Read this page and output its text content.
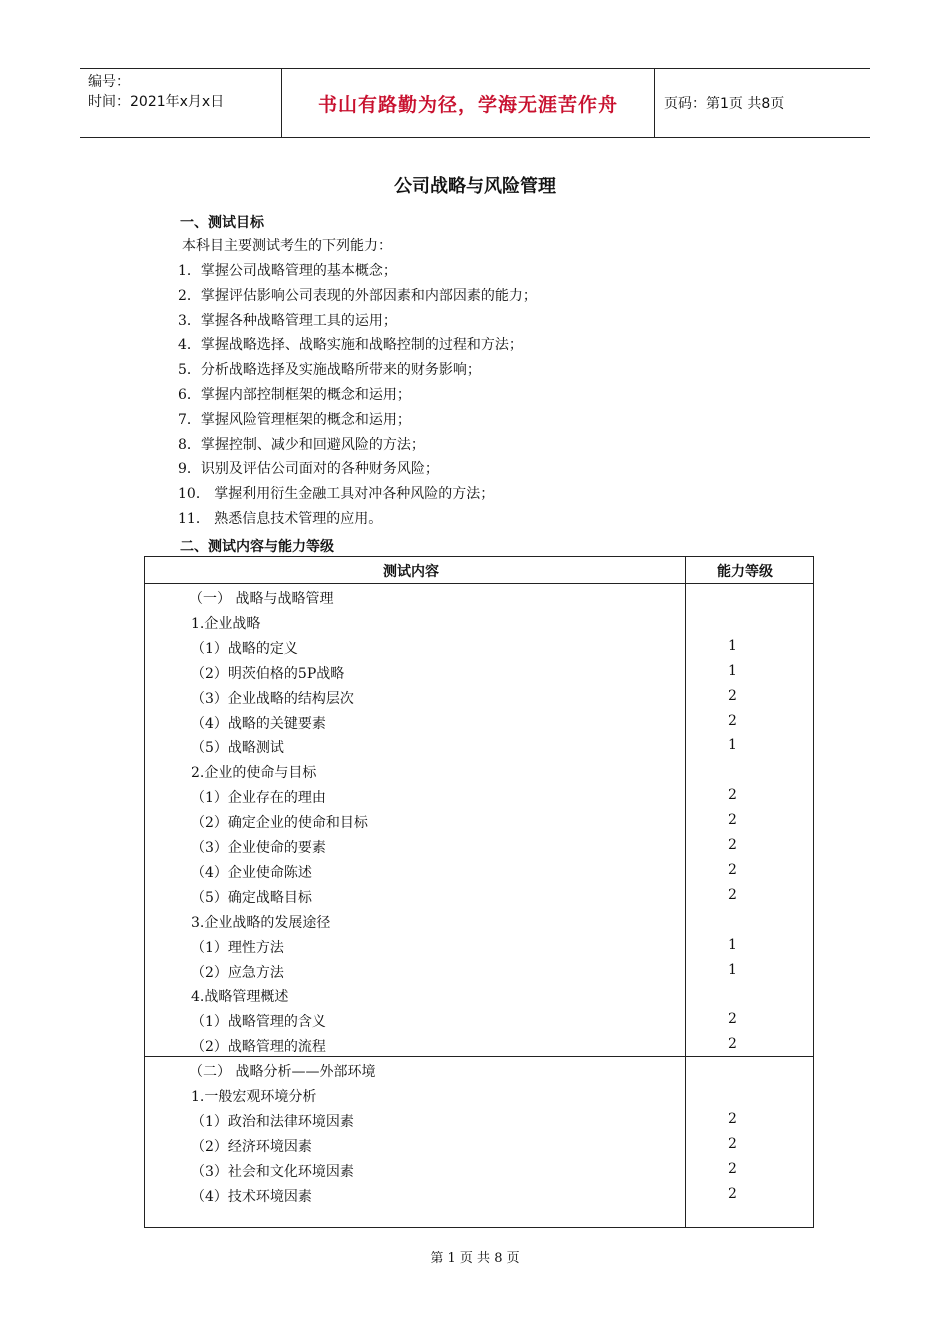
编号：
时间：2021年x月x日	书山有路勤为径，学海无涯苦作舟	页码：第1页 共8页
公司战略与风险管理
一、测试目标
本科目主要测试考生的下列能力：
1．掌握公司战略管理的基本概念；
2．掌握评估影响公司表现的外部因素和内部因素的能力；
3．掌握各种战略管理工具的运用；
4．掌握战略选择、战略实施和战略控制的过程和方法；
5．分析战略选择及实施战略所带来的财务影响；
6．掌握内部控制框架的概念和运用；
7．掌握风险管理框架的概念和运用；
8．掌握控制、减少和回避风险的方法；
9．识别及评估公司面对的各种财务风险；
10． 掌握利用衍生金融工具对冲各种风险的方法；
11． 熟悉信息技术管理的应用。
二、测试内容与能力等级
测试内容	能力等级
（一） 战略与战略管理
1.企业战略
（1）战略的定义	1
（2）明茨伯格的5P战略	1
（3）企业战略的结构层次	2
（4）战略的关键要素	2
（5）战略测试	1
2.企业的使命与目标
（1）企业存在的理由	2
（2）确定企业的使命和目标	2
（3）企业使命的要素	2
（4）企业使命陈述	2
（5）确定战略目标	2
3.企业战略的发展途径
（1）理性方法	1
（2）应急方法	1
4.战略管理概述
（1）战略管理的含义	2
（2）战略管理的流程	2
（二） 战略分析——外部环境
1.一般宏观环境分析
（1）政治和法律环境因素	2
（2）经济环境因素	2
（3）社会和文化环境因素	2
（4）技术环境因素	2
第 1 页 共 8 页
